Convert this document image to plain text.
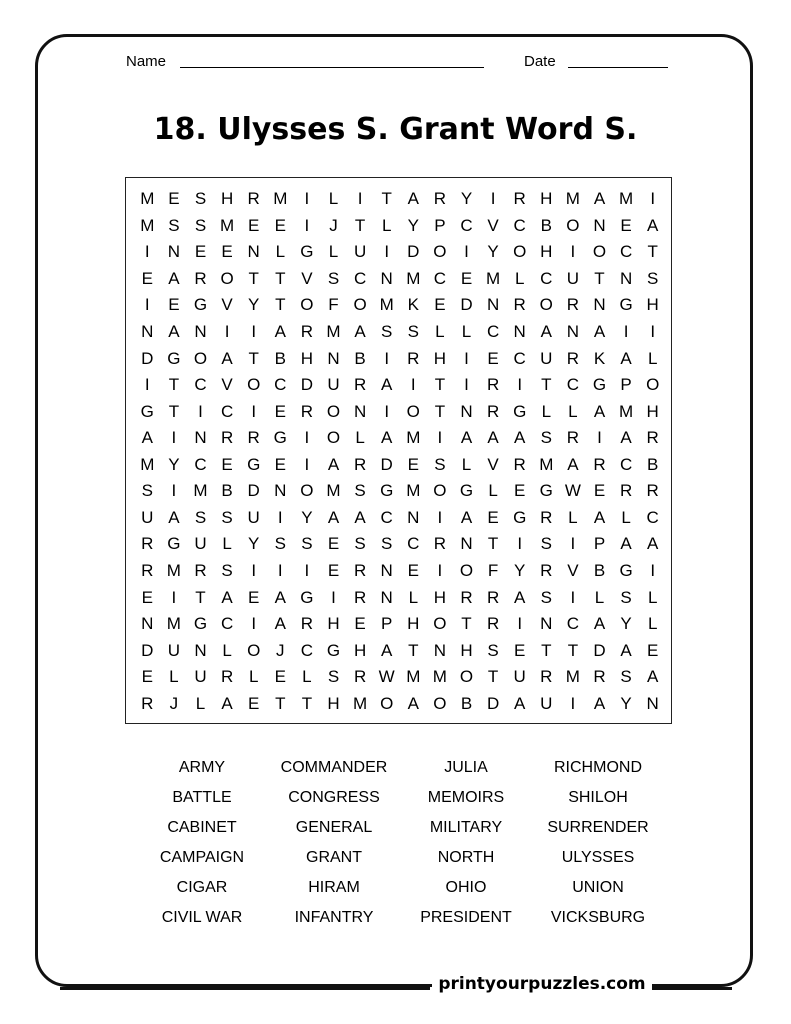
Name	Date
18. Ulysses S. Grant Word S.
M E S H R M	I	L	I	T A R Y	I	R H M A M	I
M S S M E E	I	J	T L Y P C V C B O N E A
I	N E E N L G L U	I	D O	I	Y O H	I	O C T
E A R O T T V S C N M C E M L C U T N S
I	E G V Y T O F O M K E D N R O R N G H
N A N	I	I	A R M A S S L	L C N A N A	I	I
D G O A T B H N B	I	R H	I	E C U R K A L
I	T C V O C D U R A	I	T	I	R	I	T C G P O
G T	I	C	I	E R O N	I	O T N R G L	L A M H
A	I	N R R G	I	O L A M	I	A A A S R	I	A R
M Y C E G E	I	A R D E S L V R M A R C B
S	I	M B D N O M S G M O G L E G W E R R
U A S S U	I	Y A A C N	I	A E G R L A L C
R G U L Y S S E S S C R N T	I	S	I	P A A
R M R S	I	I	I	E R N E	I	O F Y R V B G	I
E	I	T A E A G	I	R N L H R R A S	I	L S L
N M G C	I	A R H E P H O T R	I	N C A Y L
D U N L O J C G H A T N H S E T T D A E
E L U R L E L S R W M M O T U R M R S A
R J	L A E T T H M O A O B D A U	I	A Y N
ARMY	COMMANDER	JULIA	RICHMOND
BATTLE	CONGRESS	MEMOIRS	SHILOH
CABINET	GENERAL	MILITARY	SURRENDER
CAMPAIGN	GRANT	NORTH	ULYSSES
CIGAR	HIRAM	OHIO	UNION
CIVIL WAR	INFANTRY	PRESIDENT	VICKSBURG
printyourpuzzles.com
